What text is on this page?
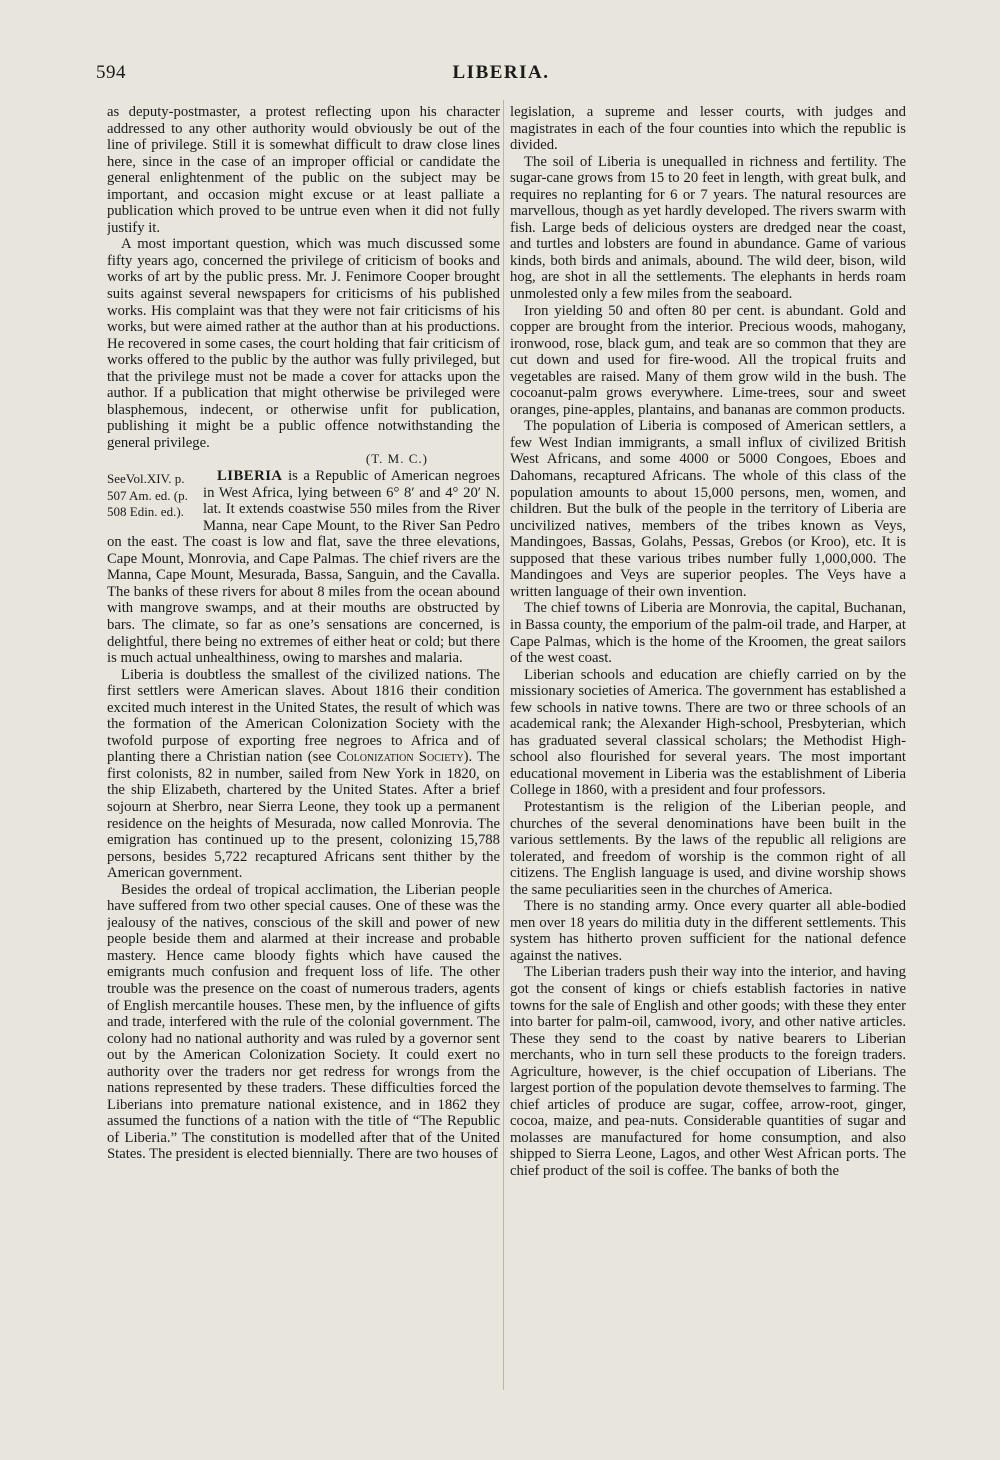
594	LIBERIA.

as deputy-postmaster, a protest reflecting upon his character addressed to any other authority would obviously be out of the line of privilege. Still it is somewhat difficult to draw close lines here, since in the case of an improper official or candidate the general enlightenment of the public on the subject may be important, and occasion might excuse or at least palliate a publication which proved to be untrue even when it did not fully justify it.

A most important question, which was much discussed some fifty years ago, concerned the privilege of criticism of books and works of art by the public press. Mr. J. Fenimore Cooper brought suits against several newspapers for criticisms of his published works. His complaint was that they were not fair criticisms of his works, but were aimed rather at the author than at his productions. He recovered in some cases, the court holding that fair criticism of works offered to the public by the author was fully privileged, but that the privilege must not be made a cover for attacks upon the author. If a publication that might otherwise be privileged were blasphemous, indecent, or otherwise unfit for publication, publishing it might be a public offence notwithstanding the general privilege.

(T. M. C.)

LIBERIA
SeeVol.XIV. p. 507 Am. ed. (p. 508 Edin. ed.).
is a Republic of American negroes in West Africa, lying between 6° 8′ and 4° 20′ N. lat. It extends coastwise 550 miles from the River Manna, near Cape Mount, to the River San Pedro on the east. The coast is low and flat, save the three elevations, Cape Mount, Monrovia, and Cape Palmas. The chief rivers are the Manna, Cape Mount, Mesurada, Bassa, Sanguin, and the Cavalla. The banks of these rivers for about 8 miles from the ocean abound with mangrove swamps, and at their mouths are obstructed by bars. The climate, so far as one’s sensations are concerned, is delightful, there being no extremes of either heat or cold; but there is much actual unhealthiness, owing to marshes and malaria.

Liberia is doubtless the smallest of the civilized nations. The first settlers were American slaves. About 1816 their condition excited much interest in the United States, the result of which was the formation of the American Colonization Society with the twofold purpose of exporting free negroes to Africa and of planting there a Christian nation (see Colonization Society). The first colonists, 82 in number, sailed from New York in 1820, on the ship Elizabeth, chartered by the United States. After a brief sojourn at Sherbro, near Sierra Leone, they took up a permanent residence on the heights of Mesurada, now called Monrovia. The emigration has continued up to the present, colonizing 15,788 persons, besides 5,722 recaptured Africans sent thither by the American government.

Besides the ordeal of tropical acclimation, the Liberian people have suffered from two other special causes. One of these was the jealousy of the natives, conscious of the skill and power of new people beside them and alarmed at their increase and probable mastery. Hence came bloody fights which have caused the emigrants much confusion and frequent loss of life. The other trouble was the presence on the coast of numerous traders, agents of English mercantile houses. These men, by the influence of gifts and trade, interfered with the rule of the colonial government. The colony had no national authority and was ruled by a governor sent out by the American Colonization Society. It could exert no authority over the traders nor get redress for wrongs from the nations represented by these traders. These difficulties forced the Liberians into premature national existence, and in 1862 they assumed the functions of a nation with the title of “The Republic of Liberia.” The constitution is modelled after that of the United States. The president is elected biennially. There are two houses of

legislation, a supreme and lesser courts, with judges and magistrates in each of the four counties into which the republic is divided.

The soil of Liberia is unequalled in richness and fertility. The sugar-cane grows from 15 to 20 feet in length, with great bulk, and requires no replanting for 6 or 7 years. The natural resources are marvellous, though as yet hardly developed. The rivers swarm with fish. Large beds of delicious oysters are dredged near the coast, and turtles and lobsters are found in abundance. Game of various kinds, both birds and animals, abound. The wild deer, bison, wild hog, are shot in all the settlements. The elephants in herds roam unmolested only a few miles from the seaboard.

Iron yielding 50 and often 80 per cent. is abundant. Gold and copper are brought from the interior. Precious woods, mahogany, ironwood, rose, black gum, and teak are so common that they are cut down and used for fire-wood. All the tropical fruits and vegetables are raised. Many of them grow wild in the bush. The cocoanut-palm grows everywhere. Lime-trees, sour and sweet oranges, pine-apples, plantains, and bananas are common products.

The population of Liberia is composed of American settlers, a few West Indian immigrants, a small influx of civilized British West Africans, and some 4000 or 5000 Congoes, Eboes and Dahomans, recaptured Africans. The whole of this class of the population amounts to about 15,000 persons, men, women, and children. But the bulk of the people in the territory of Liberia are uncivilized natives, members of the tribes known as Veys, Mandingoes, Bassas, Golahs, Pessas, Grebos (or Kroo), etc. It is supposed that these various tribes number fully 1,000,000. The Mandingoes and Veys are superior peoples. The Veys have a written language of their own invention.

The chief towns of Liberia are Monrovia, the capital, Buchanan, in Bassa county, the emporium of the palm-oil trade, and Harper, at Cape Palmas, which is the home of the Kroomen, the great sailors of the west coast.

Liberian schools and education are chiefly carried on by the missionary societies of America. The government has established a few schools in native towns. There are two or three schools of an academical rank; the Alexander High-school, Presbyterian, which has graduated several classical scholars; the Methodist High-school also flourished for several years. The most important educational movement in Liberia was the establishment of Liberia College in 1860, with a president and four professors.

Protestantism is the religion of the Liberian people, and churches of the several denominations have been built in the various settlements. By the laws of the republic all religions are tolerated, and freedom of worship is the common right of all citizens. The English language is used, and divine worship shows the same peculiarities seen in the churches of America.

There is no standing army. Once every quarter all able-bodied men over 18 years do militia duty in the different settlements. This system has hitherto proven sufficient for the national defence against the natives.

The Liberian traders push their way into the interior, and having got the consent of kings or chiefs establish factories in native towns for the sale of English and other goods; with these they enter into barter for palm-oil, camwood, ivory, and other native articles. These they send to the coast by native bearers to Liberian merchants, who in turn sell these products to the foreign traders. Agriculture, however, is the chief occupation of Liberians. The largest portion of the population devote themselves to farming. The chief articles of produce are sugar, coffee, arrow-root, ginger, cocoa, maize, and pea-nuts. Considerable quantities of sugar and molasses are manufactured for home consumption, and also shipped to Sierra Leone, Lagos, and other West African ports. The chief product of the soil is coffee. The banks of both the
